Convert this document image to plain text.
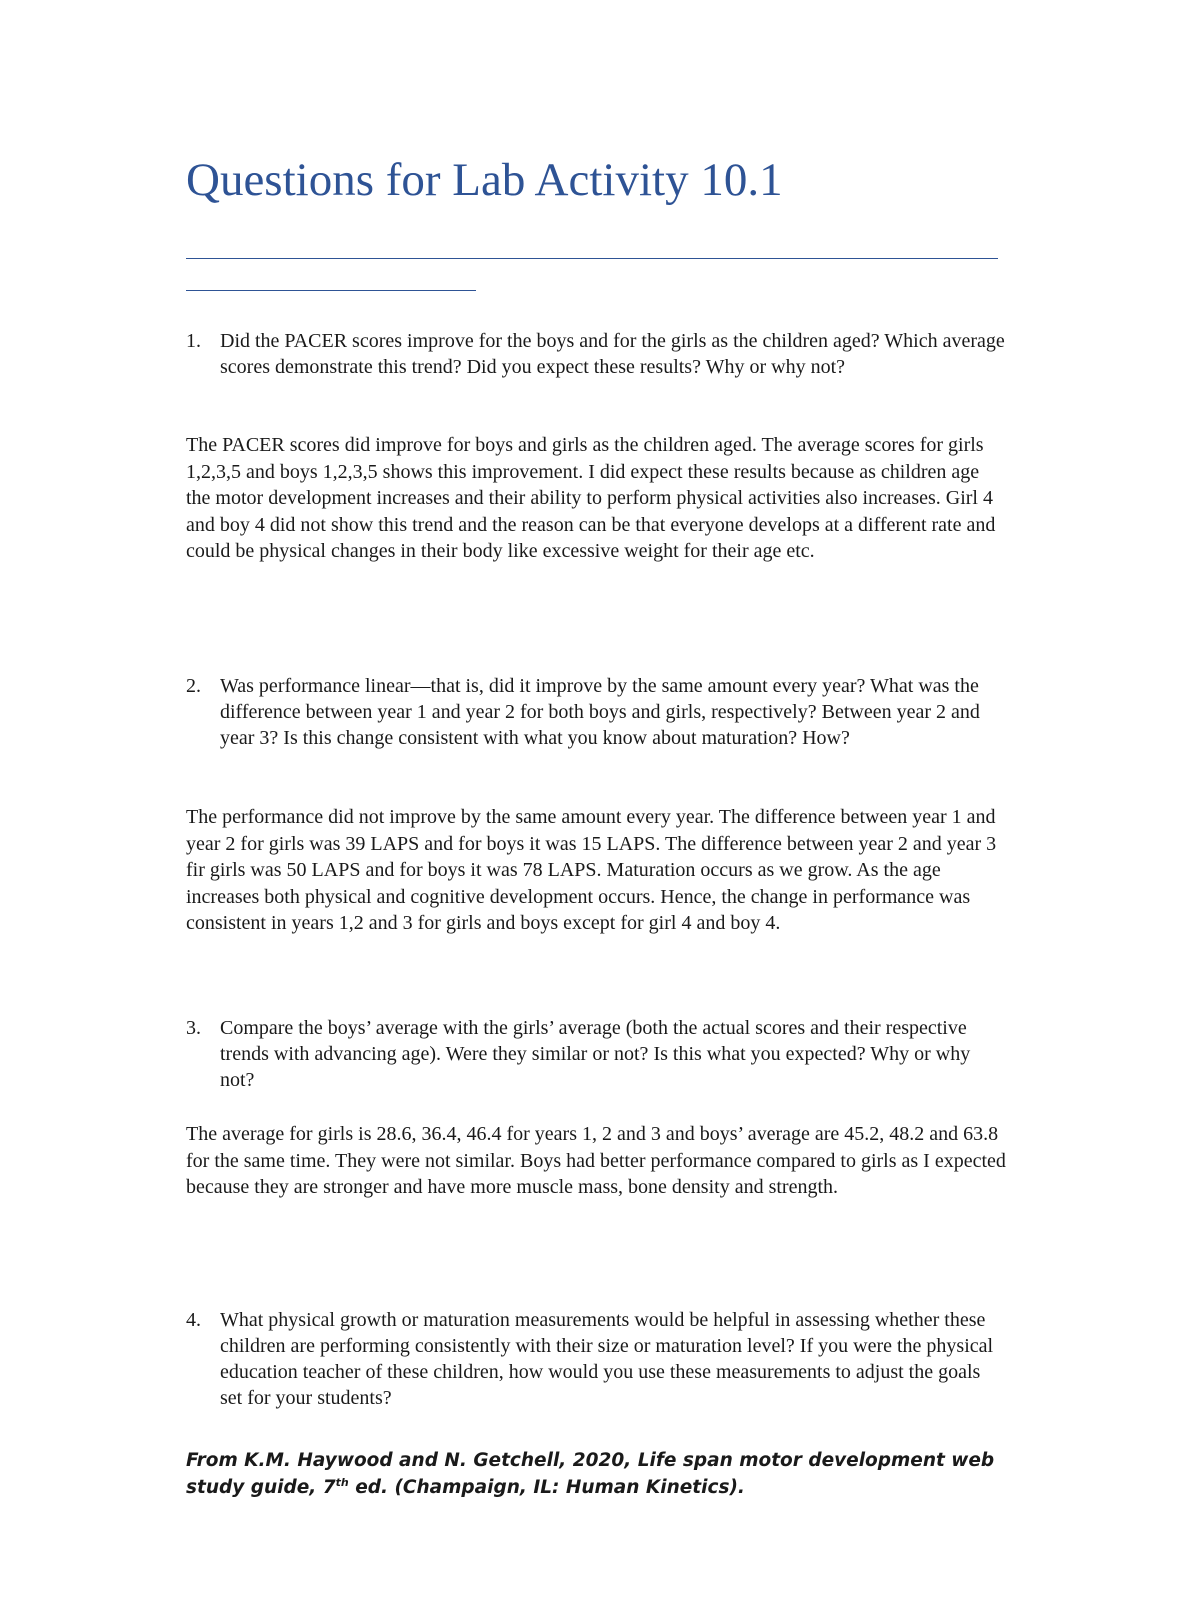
Questions for Lab Activity 10.1
1. Did the PACER scores improve for the boys and for the girls as the children aged? Which average scores demonstrate this trend? Did you expect these results? Why or why not?

The PACER scores did improve for boys and girls as the children aged. The average scores for girls 1,2,3,5 and boys 1,2,3,5 shows this improvement. I did expect these results because as children age the motor development increases and their ability to perform physical activities also increases. Girl 4 and boy 4 did not show this trend and the reason can be that everyone develops at a different rate and could be physical changes in their body like excessive weight for their age etc.

2. Was performance linear—that is, did it improve by the same amount every year? What was the difference between year 1 and year 2 for both boys and girls, respectively? Between year 2 and year 3? Is this change consistent with what you know about maturation? How?

The performance did not improve by the same amount every year. The difference between year 1 and year 2 for girls was 39 LAPS and for boys it was 15 LAPS. The difference between year 2 and year 3 fir girls was 50 LAPS and for boys it was 78 LAPS. Maturation occurs as we grow. As the age increases both physical and cognitive development occurs. Hence, the change in performance was consistent in years 1,2 and 3 for girls and boys except for girl 4 and boy 4.

3. Compare the boys’ average with the girls’ average (both the actual scores and their respective trends with advancing age). Were they similar or not? Is this what you expected? Why or why not?

The average for girls is 28.6, 36.4, 46.4 for years 1, 2 and 3 and boys’ average are 45.2, 48.2 and 63.8 for the same time. They were not similar. Boys had better performance compared to girls as I expected because they are stronger and have more muscle mass, bone density and strength.

4. What physical growth or maturation measurements would be helpful in assessing whether these children are performing consistently with their size or maturation level? If you were the physical education teacher of these children, how would you use these measurements to adjust the goals set for your students?

From K.M. Haywood and N. Getchell, 2020, Life span motor development web study guide, 7th ed. (Champaign, IL: Human Kinetics).
